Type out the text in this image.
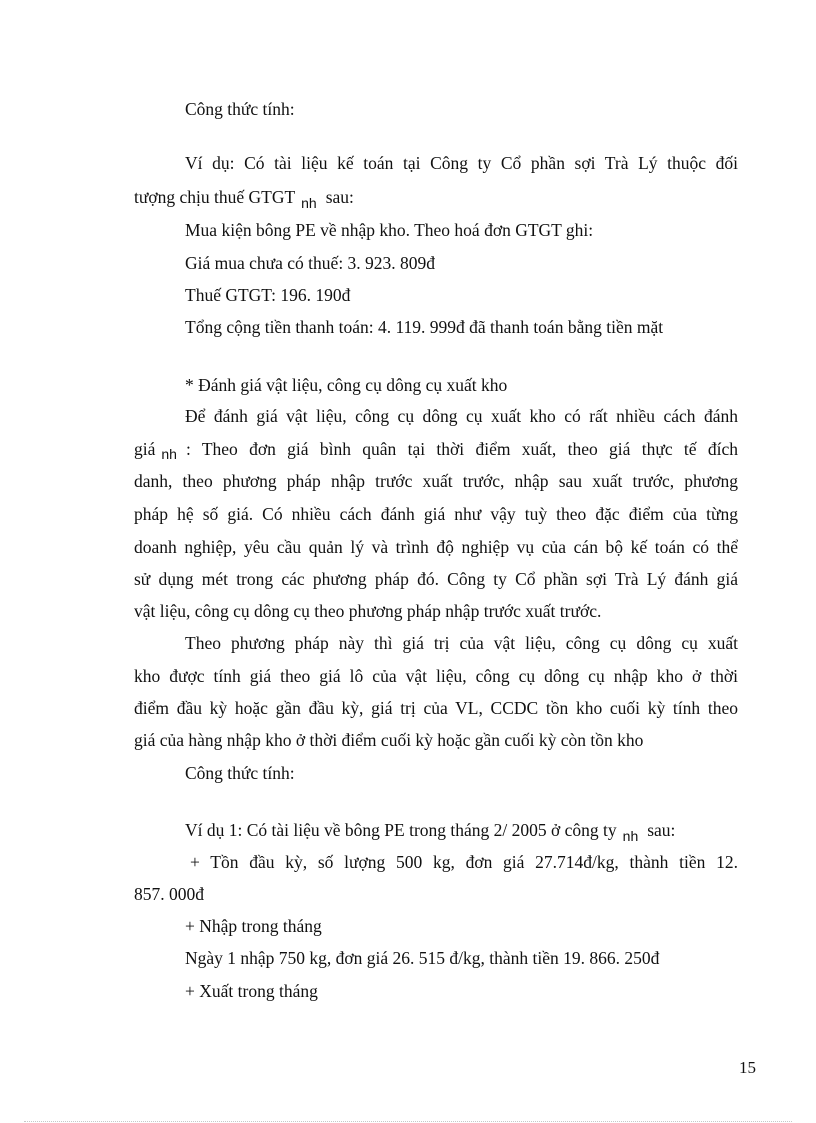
Công thức tính:
Ví dụ: Có tài liệu kế toán tại Công ty Cổ phần sợi Trà Lý thuộc đối
tượng chịu thuế GTGT $_{nh}$ sau:
Mua kiện bông PE về nhập kho. Theo hoá đơn GTGT ghi:
Giá mua chưa có thuế: 3. 923. 809đ
Thuế GTGT: 196. 190đ
Tổng cộng tiền thanh toán: 4. 119. 999đ đã thanh toán bằng tiền mặt
* Đánh giá vật liệu, công cụ dông cụ xuất kho
Để đánh giá vật liệu, công cụ dông cụ xuất kho có rất nhiều cách đánh
giá nh : Theo đơn giá bình quân tại thời điểm xuất, theo giá thực tế đích
danh, theo phương pháp nhập trước xuất trước, nhập sau xuất trước, phương
pháp hệ số giá. Có nhiều cách đánh giá như vậy tuỳ theo đặc điểm của từng
doanh nghiệp, yêu cầu quản lý và trình độ nghiệp vụ của cán bộ kế toán có thể
sử dụng mét trong các phương pháp đó. Công ty Cổ phần sợi Trà Lý đánh giá
vật liệu, công cụ dông cụ theo phương pháp nhập trước xuất trước.
Theo phương pháp này thì giá trị của vật liệu, công cụ dông cụ xuất
kho được tính giá theo giá lô của vật liệu, công cụ dông cụ nhập kho ở thời
điểm đầu kỳ hoặc gần đầu kỳ, giá trị của VL, CCDC tồn kho cuối kỳ tính theo
giá của hàng nhập kho ở thời điểm cuối kỳ hoặc gần cuối kỳ còn tồn kho
Công thức tính:
Ví dụ 1: Có tài liệu về bông PE trong tháng 2/ 2005 ở công ty $_{nh}$ sau:
+ Tồn đầu kỳ, số lượng 500 kg, đơn giá 27.714đ/kg, thành tiền 12.
857. 000đ
+ Nhập trong tháng
Ngày 1 nhập 750 kg, đơn giá 26. 515 đ/kg, thành tiền 19. 866. 250đ
+ Xuất trong tháng
15
